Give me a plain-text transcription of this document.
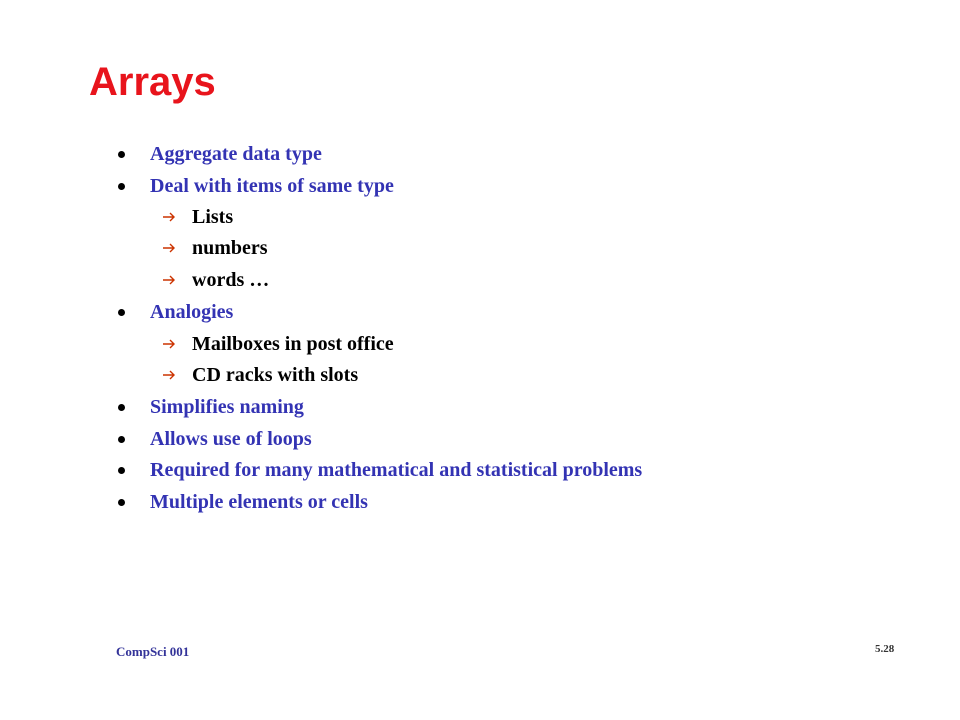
Arrays
Aggregate data type
Deal with items of same type
Lists
numbers
words …
Analogies
Mailboxes in post office
CD racks with slots
Simplifies naming
Allows use of loops
Required for many mathematical and statistical problems
Multiple elements or cells
CompSci 001	5.28
